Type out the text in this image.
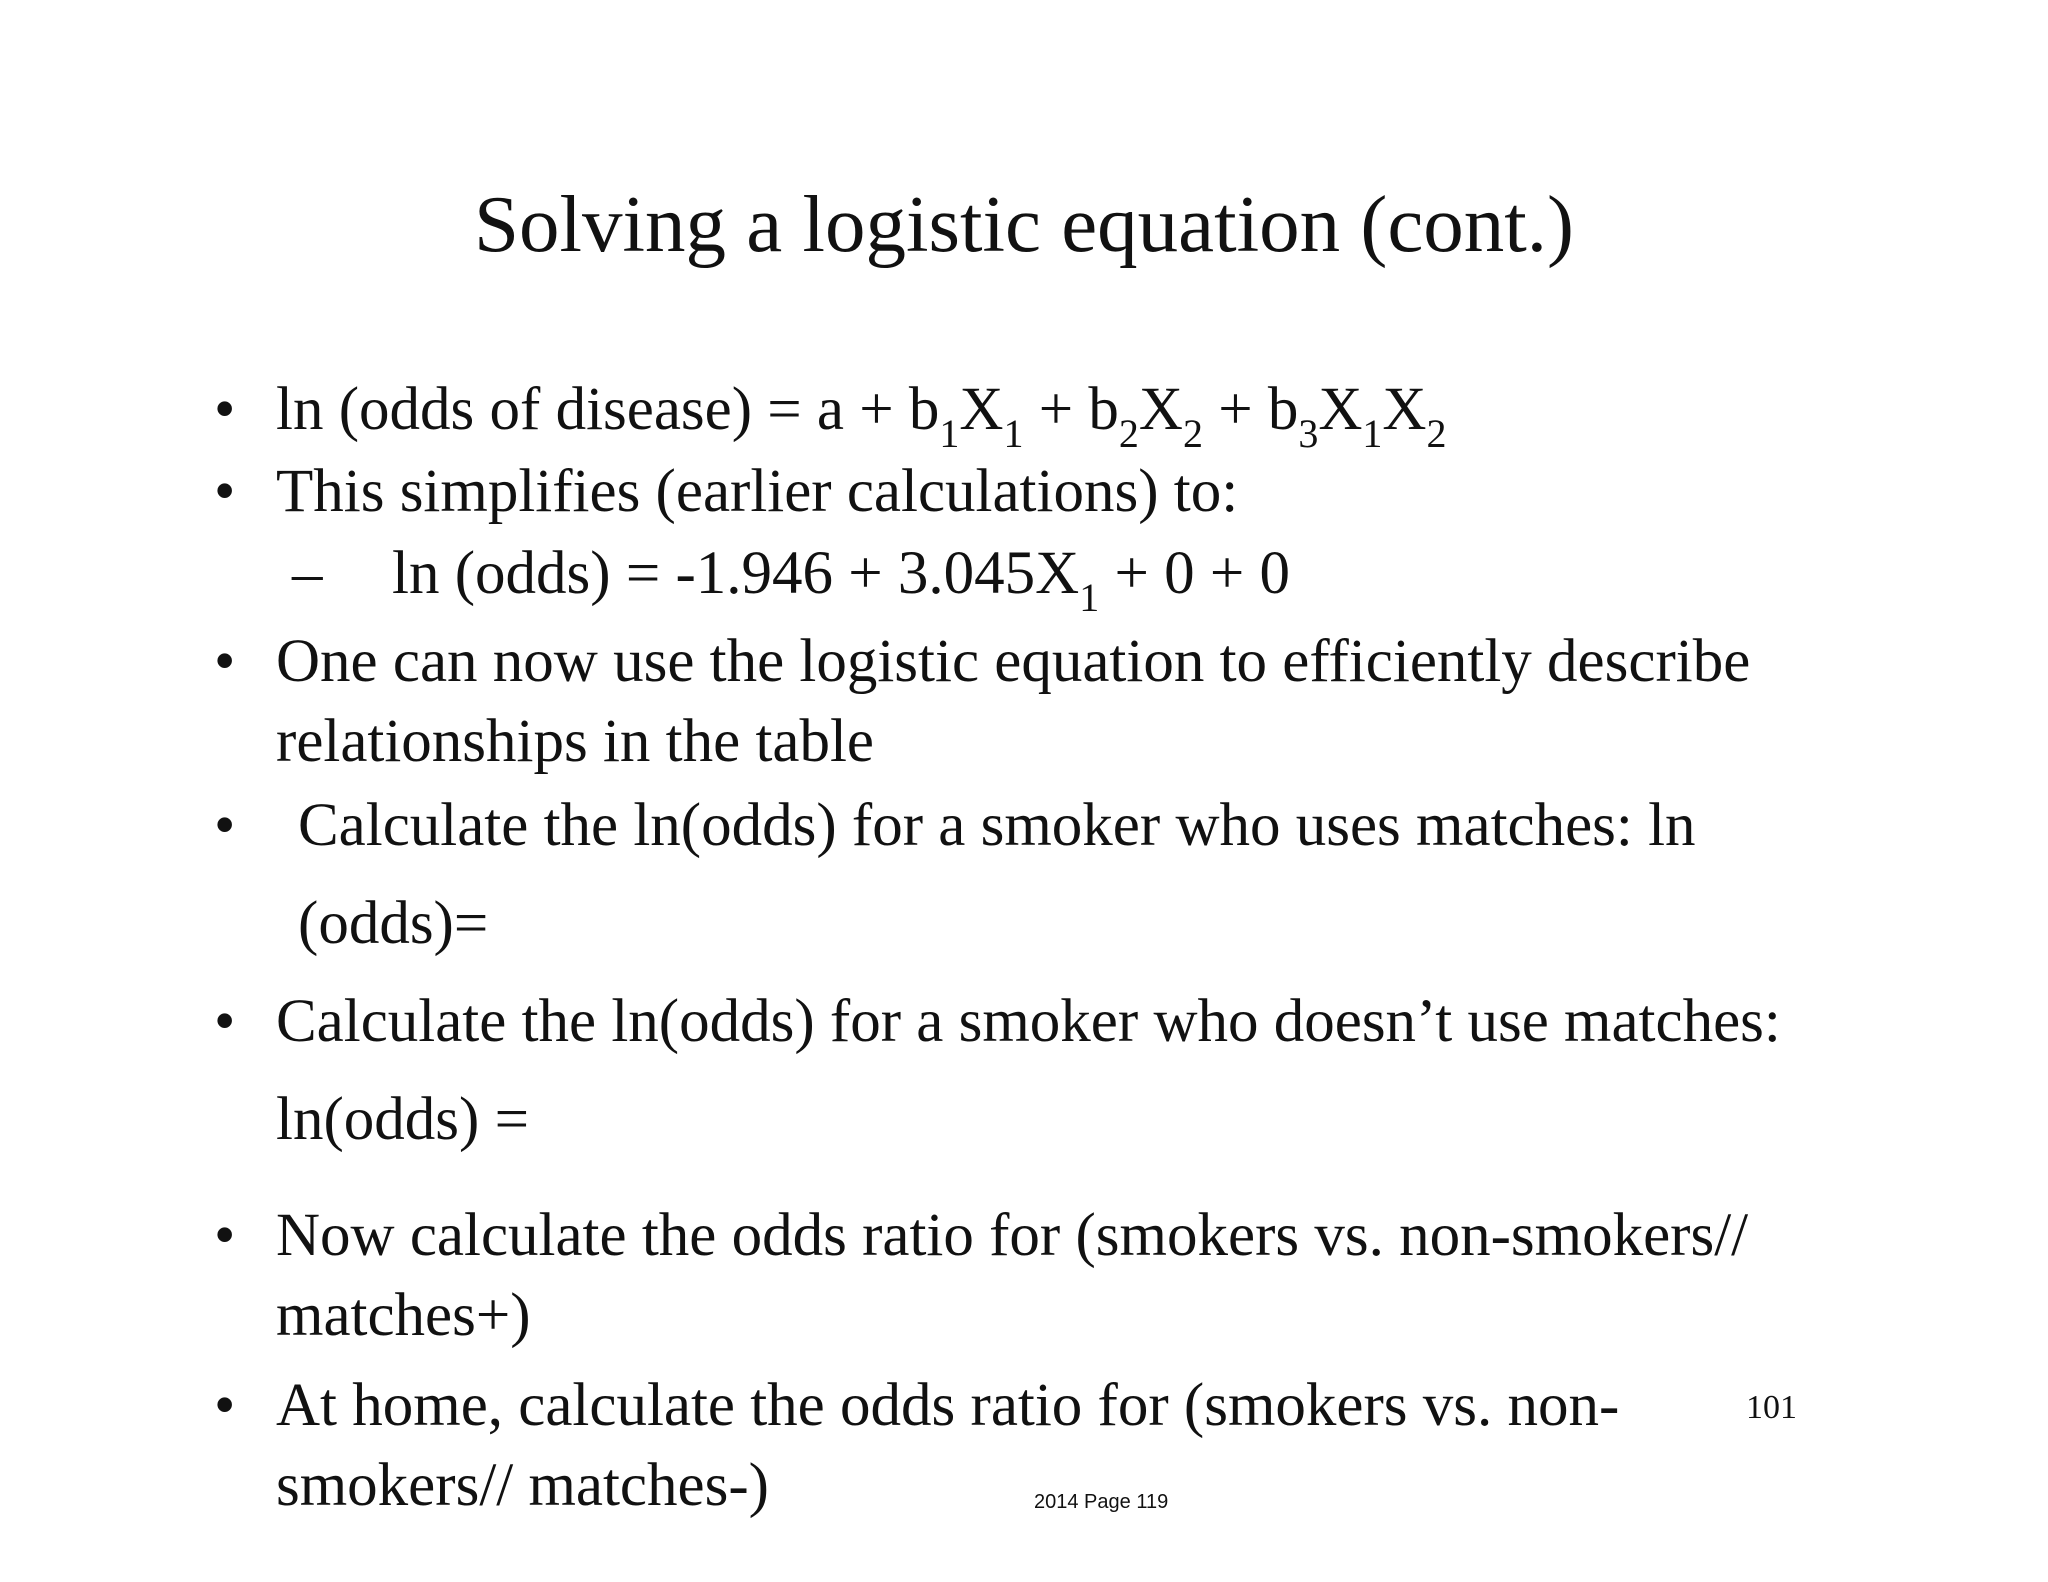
Solving a logistic equation (cont.)
• ln (odds of disease) = $a + b_1X_1 + b_2X_2 + b_3X_1X_2$
• This simplifies (earlier calculations) to:
– ln (odds) = $-1.946 + 3.045X_1 + 0 + 0$
• One can now use the logistic equation to efficiently describe
relationships in the table
• Calculate the ln(odds) for a smoker who uses matches: ln
(odds)=
• Calculate the ln(odds) for a smoker who doesn’t use matches:
ln(odds) =
• Now calculate the odds ratio for (smokers vs. non-smokers//
matches+)
• At home, calculate the odds ratio for (smokers vs. non-
smokers// matches-)
101
2014 Page 119
